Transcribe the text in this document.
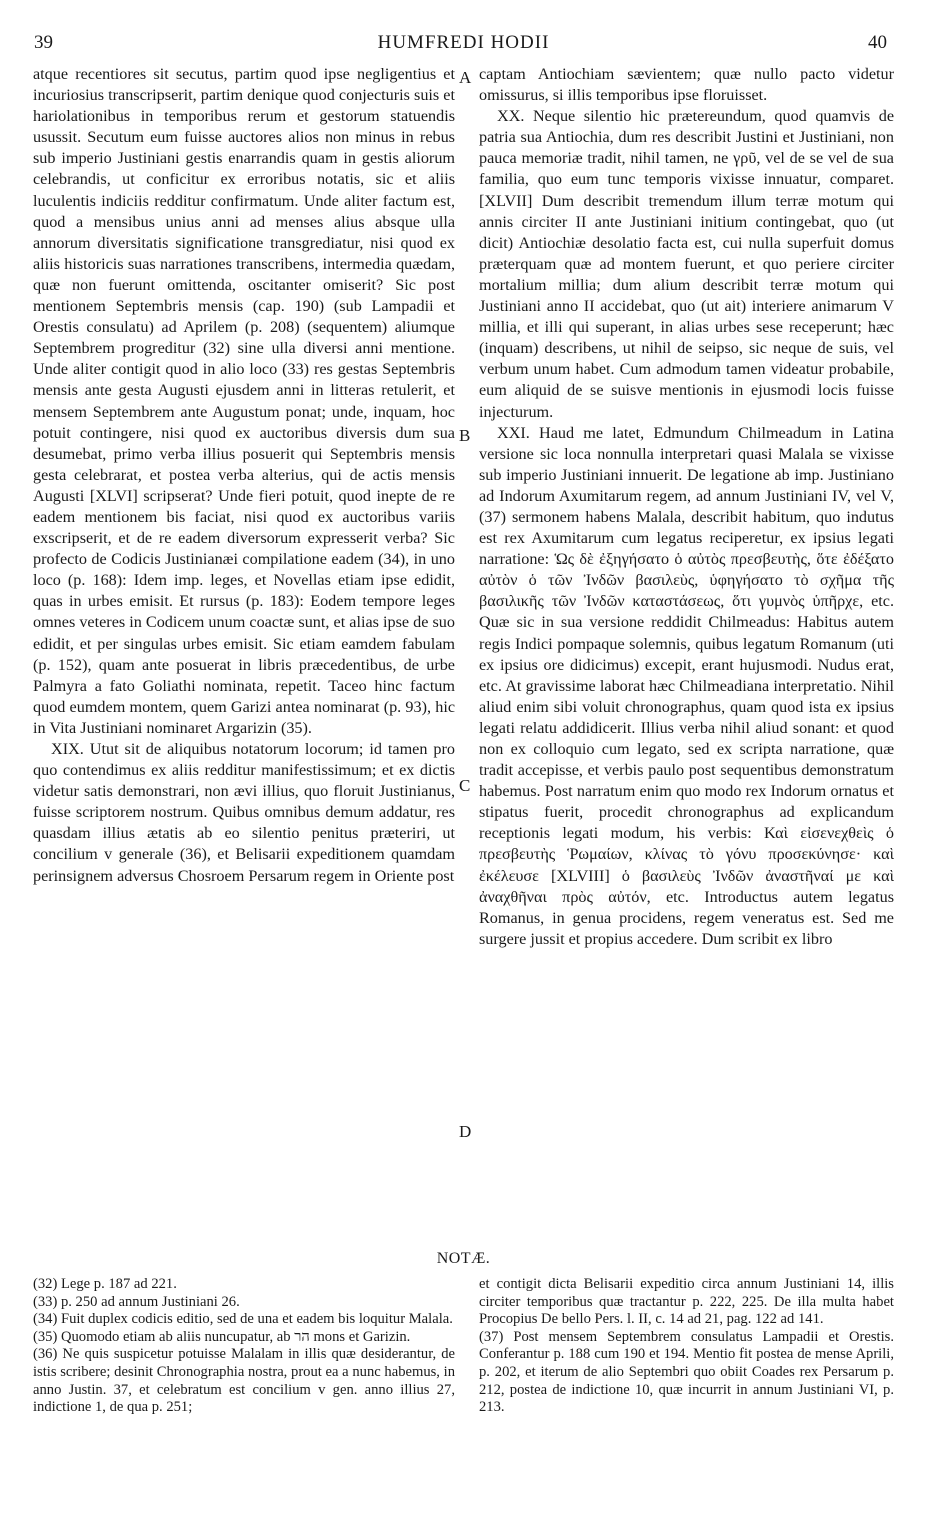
39	HUMFREDI HODII	40
A
B
C
D

atque recentiores sit secutus, partim quod ipse negligentius et incuriosius transcripserit, partim denique quod conjecturis suis et hariolationibus in temporibus rerum et gestorum statuendis usussit. Secutum eum fuisse auctores alios non minus in rebus sub imperio Justiniani gestis enarrandis quam in gestis aliorum celebrandis, ut conficitur ex erroribus notatis, sic et aliis luculentis indiciis redditur confirmatum. Unde aliter factum est, quod a mensibus unius anni ad menses alius absque ulla annorum diversitatis significatione transgrediatur, nisi quod ex aliis historicis suas narrationes transcribens, intermedia quædam, quæ non fuerunt omittenda, oscitanter omiserit? Sic post mentionem Septembris mensis (cap. 190) (sub Lampadii et Orestis consulatu) ad Aprilem (p. 208) (sequentem) aliumque Septembrem progreditur (32) sine ulla diversi anni mentione. Unde aliter contigit quod in alio loco (33) res gestas Septembris mensis ante gesta Augusti ejusdem anni in litteras retulerit, et mensem Septembrem ante Augustum ponat; unde, inquam, hoc potuit contingere, nisi quod ex auctoribus diversis dum sua desumebat, primo verba illius posuerit qui Septembris mensis gesta celebrarat, et postea verba alterius, qui de actis mensis Augusti [XLVI] scripserat? Unde fieri potuit, quod inepte de re eadem mentionem bis faciat, nisi quod ex auctoribus variis exscripserit, et de re eadem diversorum expresserit verba? Sic profecto de Codicis Justinianæi compilatione eadem (34), in uno loco (p. 168): Idem imp. leges, et Novellas etiam ipse edidit, quas in urbes emisit. Et rursus (p. 183): Eodem tempore leges omnes veteres in Codicem unum coactæ sunt, et alias ipse de suo edidit, et per singulas urbes emisit. Sic etiam eamdem fabulam (p. 152), quam ante posuerat in libris præcedentibus, de urbe Palmyra a fato Goliathi nominata, repetit. Taceo hinc factum quod eumdem montem, quem Garizi antea nominarat (p. 93), hic in Vita Justiniani nominaret Argarizin (35).

XIX. Utut sit de aliquibus notatorum locorum; id tamen pro quo contendimus ex aliis redditur manifestissimum; et ex dictis videtur satis demonstrari, non ævi illius, quo floruit Justinianus, fuisse scriptorem nostrum. Quibus omnibus demum addatur, res quasdam illius ætatis ab eo silentio penitus præteriri, ut concilium v generale (36), et Belisarii expeditionem quamdam perinsignem adversus Chosroem Persarum regem in Oriente post

captam Antiochiam sævientem; quæ nullo pacto videtur omissurus, si illis temporibus ipse floruisset.

XX. Neque silentio hic prætereundum, quod quamvis de patria sua Antiochia, dum res describit Justini et Justiniani, non pauca memoriæ tradit, nihil tamen, ne γρῦ, vel de se vel de sua familia, quo eum tunc temporis vixisse innuatur, comparet. [XLVII] Dum describit tremendum illum terræ motum qui annis circiter II ante Justiniani initium contingebat, quo (ut dicit) Antiochiæ desolatio facta est, cui nulla superfuit domus præterquam quæ ad montem fuerunt, et quo periere circiter mortalium millia; dum alium describit terræ motum qui Justiniani anno II accidebat, quo (ut ait) interiere animarum V millia, et illi qui superant, in alias urbes sese receperunt; hæc (inquam) describens, ut nihil de seipso, sic neque de suis, vel verbum unum habet. Cum admodum tamen videatur probabile, eum aliquid de se suisve mentionis in ejusmodi locis fuisse injecturum.

XXI. Haud me latet, Edmundum Chilmeadum in Latina versione sic loca nonnulla interpretari quasi Malala se vixisse sub imperio Justiniani innuerit. De legatione ab imp. Justiniano ad Indorum Axumitarum regem, ad annum Justiniani IV, vel V, (37) sermonem habens Malala, describit habitum, quo indutus est rex Axumitarum cum legatus reciperetur, ex ipsius legati narratione: Ὡς δὲ ἐξηγήσατο ὁ αὐτὸς πρεσβευτὴς, ὅτε ἐδέξατο αὐτὸν ὁ τῶν Ἰνδῶν βασιλεὺς, ὑφηγήσατο τὸ σχῆμα τῆς βασιλικῆς τῶν Ἰνδῶν καταστάσεως, ὅτι γυμνὸς ὑπῆρχε, etc. Quæ sic in sua versione reddidit Chilmeadus: Habitus autem regis Indici pompaque solemnis, quibus legatum Romanum (uti ex ipsius ore didicimus) excepit, erant hujusmodi. Nudus erat, etc. At gravissime laborat hæc Chilmeadiana interpretatio. Nihil aliud enim sibi voluit chronographus, quam quod ista ex ipsius legati relatu addidicerit. Illius verba nihil aliud sonant: et quod non ex colloquio cum legato, sed ex scripta narratione, quæ tradit accepisse, et verbis paulo post sequentibus demonstratum habemus. Post narratum enim quo modo rex Indorum ornatus et stipatus fuerit, procedit chronographus ad explicandum receptionis legati modum, his verbis: Καὶ εἰσενεχθεὶς ὁ πρεσβευτὴς Ῥωμαίων, κλίνας τὸ γόνυ προσεκύνησε· καὶ ἐκέλευσε [XLVIII] ὁ βασιλεὺς Ἰνδῶν ἀναστῆναί με καὶ ἀναχθῆναι πρὸς αὐτόν, etc. Introductus autem legatus Romanus, in genua procidens, regem veneratus est. Sed me surgere jussit et propius accedere. Dum scribit ex libro

NOTÆ.

(32) Lege p. 187 ad 221.

(33) p. 250 ad annum Justiniani 26.

(34) Fuit duplex codicis editio, sed de una et eadem bis loquitur Malala.

(35) Quomodo etiam ab aliis nuncupatur, ab הר mons et Garizin.

(36) Ne quis suspicetur potuisse Malalam in illis quæ desiderantur, de istis scribere; desinit Chronographia nostra, prout ea a nunc habemus, in anno Justin. 37, et celebratum est concilium v gen. anno illius 27, indictione 1, de qua p. 251;

et contigit dicta Belisarii expeditio circa annum Justiniani 14, illis circiter temporibus quæ tractantur p. 222, 225. De illa multa habet Procopius De bello Pers. l. II, c. 14 ad 21, pag. 122 ad 141.

(37) Post mensem Septembrem consulatus Lampadii et Orestis. Conferantur p. 188 cum 190 et 194. Mentio fit postea de mense Aprili, p. 202, et iterum de alio Septembri quo obiit Coades rex Persarum p. 212, postea de indictione 10, quæ incurrit in annum Justiniani VI, p. 213.
